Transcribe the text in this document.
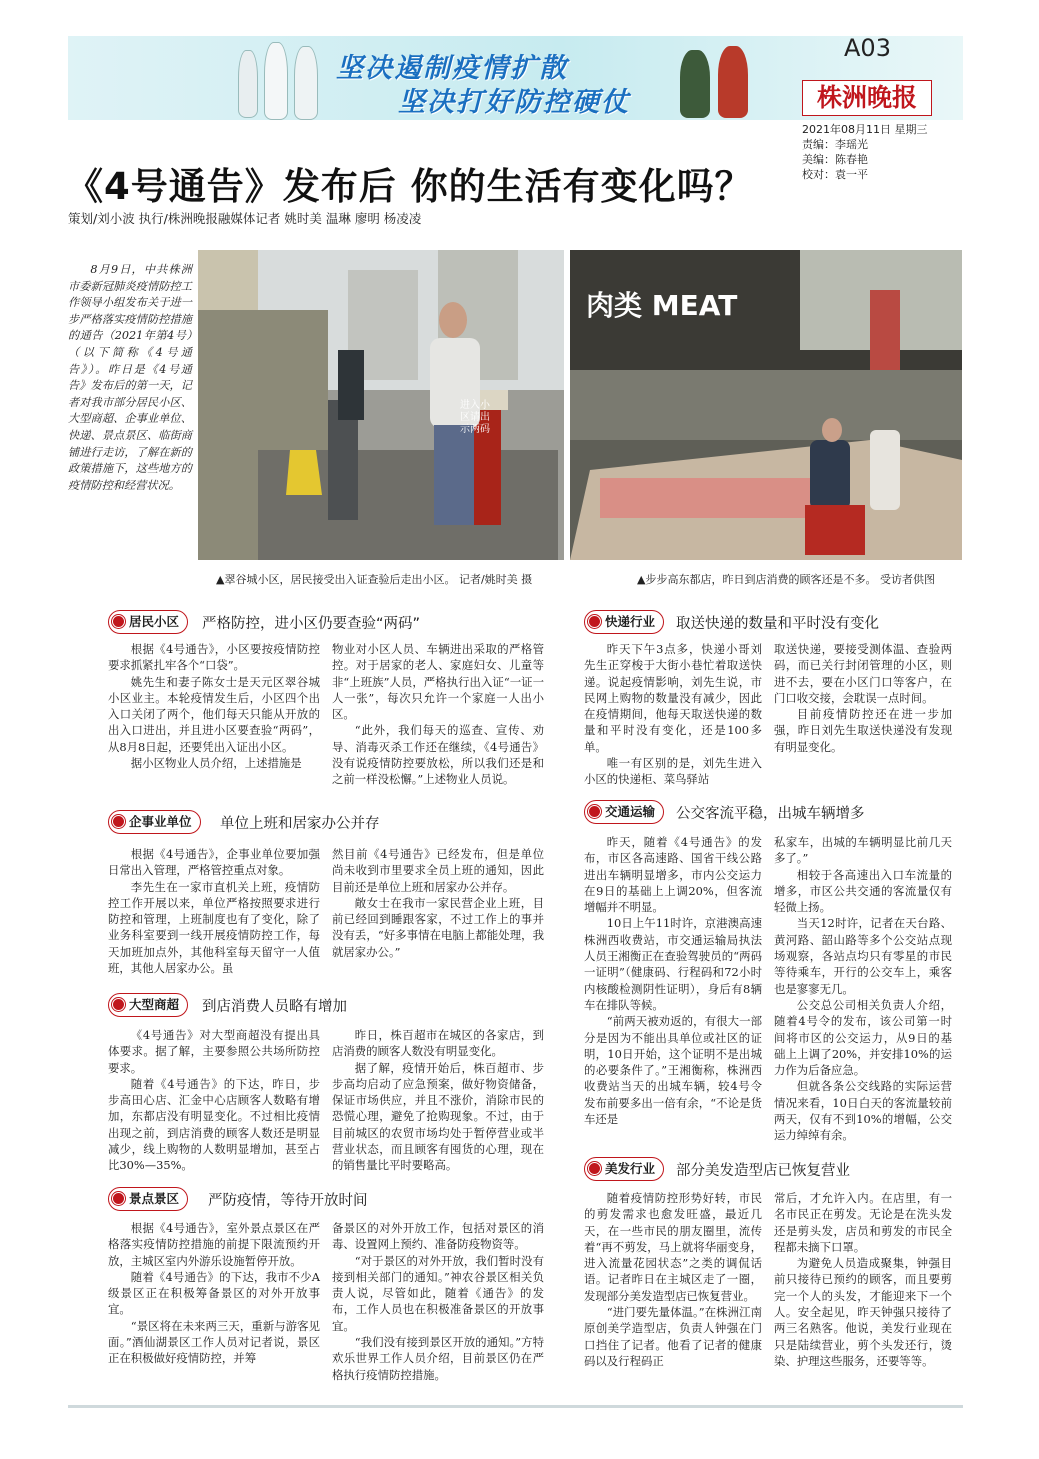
坚决遏制疫情扩散
坚决打好防控硬仗
A03
株洲晚报
2021年08月11日 星期三
责编：李瑶光
美编：陈春艳
校对：袁一平
《4号通告》发布后 你的生活有变化吗？
策划/刘小波 执行/株洲晚报融媒体记者 姚时美 温琳 廖明 杨凌凌
8月9日，中共株洲市委新冠肺炎疫情防控工作领导小组发布关于进一步严格落实疫情防控措施的通告（2021年第4号）（以下简称《4号通告》）。昨日是《4号通告》发布后的第一天，记者对我市部分居民小区、大型商超、企事业单位、快递、景点景区、临街商铺进行走访，了解在新的政策措施下，这些地方的疫情防控和经营状况。
进入小区请出示两码
肉类 MEAT
▲翠谷城小区，居民接受出入证查验后走出小区。 记者/姚时美 摄	▲步步高东都店，昨日到店消费的顾客还是不多。 受访者供图
居民小区	严格防控，进小区仍要查验“两码”

根据《4号通告》，小区要按疫情防控要求抓紧扎牢各个“口袋”。

姚先生和妻子陈女士是天元区翠谷城小区业主。本轮疫情发生后，小区四个出入口关闭了两个，他们每天只能从开放的出入口进出，并且进小区要查验“两码”，从8月8日起，还要凭出入证出小区。

据小区物业人员介绍，上述措施是

物业对小区人员、车辆进出采取的严格管控。对于居家的老人、家庭妇女、儿童等非“上班族”人员，严格执行出入证“一证一人一张”，每次只允许一个家庭一人出小区。

“此外，我们每天的巡查、宣传、劝导、消毒灭杀工作还在继续，《4号通告》没有说疫情防控要放松，所以我们还是和之前一样没松懈。”上述物业人员说。

企事业单位	单位上班和居家办公并存

根据《4号通告》，企事业单位要加强日常出入管理，严格管控重点对象。

李先生在一家市直机关上班，疫情防控工作开展以来，单位严格按照要求进行防控和管理，上班制度也有了变化，除了业务科室要到一线开展疫情防控工作，每天加班加点外，其他科室每天留守一人值班，其他人居家办公。虽

然目前《4号通告》已经发布，但是单位尚未收到市里要求全员上班的通知，因此目前还是单位上班和居家办公并存。

敞女士在我市一家民营企业上班，目前已经回到睡跟客家，不过工作上的事并没有丢，“好多事情在电脑上都能处理，我就居家办公。”

大型商超	到店消费人员略有增加

《4号通告》对大型商超没有提出具体要求。据了解，主要参照公共场所防控要求。

随着《4号通告》的下达，昨日，步步高田心店、汇金中心店顾客人数略有增加，东都店没有明显变化。不过相比疫情出现之前，到店消费的顾客人数还是明显减少，线上购物的人数明显增加，甚至占比30%—35%。

昨日，株百超市在城区的各家店，到店消费的顾客人数没有明显变化。

据了解，疫情开始后，株百超市、步步高均启动了应急预案，做好物资储备，保证市场供应，并且不涨价，消除市民的恐慌心理，避免了抢购现象。不过，由于目前城区的农贸市场均处于暂停营业或半营业状态，而且顾客有囤货的心理，现在的销售量比平时要略高。

景点景区	严防疫情，等待开放时间

根据《4号通告》，室外景点景区在严格落实疫情防控措施的前提下限流预约开放，主城区室内外游乐设施暂停开放。

随着《4号通告》的下达，我市不少A级景区正在积极筹备景区的对外开放事宜。

“景区将在未来两三天，重新与游客见面。”酒仙湖景区工作人员对记者说，景区正在积极做好疫情防控，并筹

备景区的对外开放工作，包括对景区的消毒、设置网上预约、准备防疫物资等。

“对于景区的对外开放，我们暂时没有接到相关部门的通知。”神农谷景区相关负责人说，尽管如此，随着《通告》的发布，工作人员也在积极准备景区的开放事宜。

“我们没有接到景区开放的通知。”方特欢乐世界工作人员介绍，目前景区仍在严格执行疫情防控措施。

快递行业	取送快递的数量和平时没有变化

昨天下午3点多，快递小哥刘先生正穿梭于大街小巷忙着取送快递。说起疫情影响，刘先生说，市民网上购物的数量没有减少，因此在疫情期间，他每天取送快递的数量和平时没有变化，还是100多单。

唯一有区别的是，刘先生进入小区的快递柜、菜鸟驿站

取送快递，要接受测体温、查验两码，而已关行封闭管理的小区，则进不去，要在小区门口等客户，在门口收交接，会耽误一点时间。

目前疫情防控还在进一步加强，昨日刘先生取送快递没有发现有明显变化。

交通运输	公交客流平稳，出城车辆增多

昨天，随着《4号通告》的发布，市区各高速路、国省干线公路进出车辆明显增多，市内公交运力在9日的基础上上调20%，但客流增幅并不明显。

10日上午11时许，京港澳高速株洲西收费站，市交通运输局执法人员王湘衡正在查验驾驶员的“两码一证明”（健康码、行程码和72小时内核酸检测阴性证明），身后有8辆车在排队等候。

“前两天被劝返的，有很大一部分是因为不能出具单位或社区的证明，10日开始，这个证明不是出城的必要条件了。”王湘衡称，株洲西收费站当天的出城车辆，较4号令发布前要多出一倍有余，“不论是货车还是

私家车，出城的车辆明显比前几天多了。”

相较于各高速出入口车流量的增多，市区公共交通的客流量仅有轻微上扬。

当天12时许，记者在天台路、黄河路、韶山路等多个公交站点现场观察，各站点均只有零星的市民等待乘车，开行的公交车上，乘客也是寥寥无几。

公交总公司相关负责人介绍，随着4号令的发布，该公司第一时间将市区的公交运力，从9日的基础上上调了20%，并安排10%的运力作为后备应急。

但就各条公交线路的实际运营情况来看，10日白天的客流量较前两天，仅有不到10%的增幅，公交运力绰绰有余。

美发行业	部分美发造型店已恢复营业

随着疫情防控形势好转，市民的剪发需求也愈发旺盛，最近几天，在一些市民的朋友圈里，流传着“再不剪发，马上就将华丽变身，进入流量花园状态”之类的调侃话语。记者昨日在主城区走了一圈，发现部分美发造型店已恢复营业。

“进门要先量体温。”在株洲江南原创美学造型店，负责人钟强在门口挡住了记者。他看了记者的健康码以及行程码正

常后，才允许入内。在店里，有一名市民正在剪发。无论是在洗头发还是剪头发，店员和剪发的市民全程都未摘下口罩。

为避免人员造成聚集，钟强目前只接待已预约的顾客，而且要剪完一个人的头发，才能迎来下一个人。安全起见，昨天钟强只接待了两三名熟客。他说，美发行业现在只是陆续营业，剪个头发还行，烫染、护理这些服务，还要等等。
